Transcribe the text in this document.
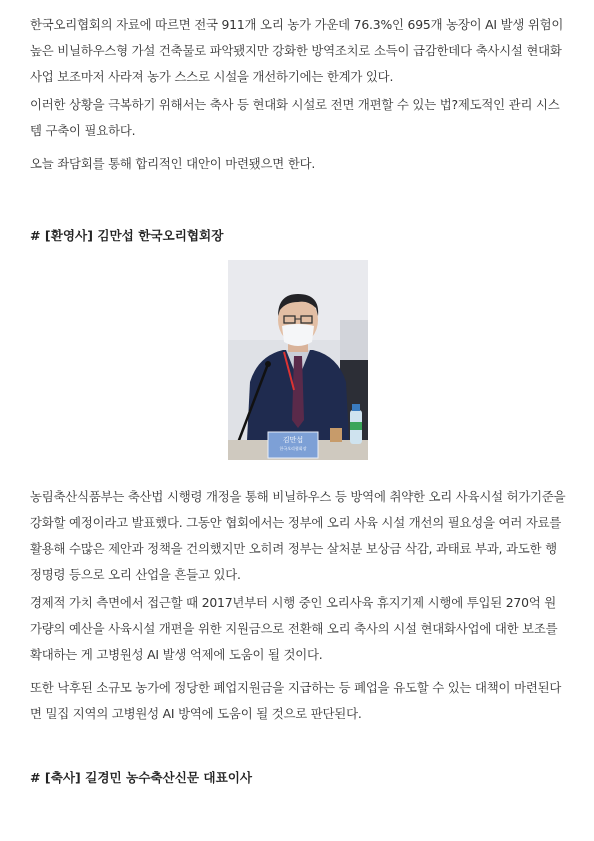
한국오리협회의 자료에 따르면 전국 911개 오리 농가 가운데 76.3%인 695개 농장이 AI 발생 위험이 높은 비닐하우스형 가설 건축물로 파악됐지만 강화한 방역조치로 소득이 급감한데다 축사시설 현대화 사업 보조마저 사라져 농가 스스로 시설을 개선하기에는 한계가 있다.

이러한 상황을 극복하기 위해서는 축사 등 현대화 시설로 전면 개편할 수 있는 법?제도적인 관리 시스템 구축이 필요하다.

오늘 좌담회를 통해 합리적인 대안이 마련됐으면 한다.

# [환영사] 김만섭 한국오리협회장
김만섭
한국오리협회장

농림축산식품부는 축산법 시행령 개정을 통해 비닐하우스 등 방역에 취약한 오리 사육시설 허가기준을 강화할 예정이라고 발표했다. 그동안 협회에서는 정부에 오리 사육 시설 개선의 필요성을 여러 자료를 활용해 수많은 제안과 정책을 건의했지만 오히려 정부는 살처분 보상금 삭감, 과태료 부과, 과도한 행정명령 등으로 오리 산업을 흔들고 있다.

경제적 가치 측면에서 접근할 때 2017년부터 시행 중인 오리사육 휴지기제 시행에 투입된 270억 원 가량의 예산을 사육시설 개편을 위한 지원금으로 전환해 오리 축사의 시설 현대화사업에 대한 보조를 확대하는 게 고병원성 AI 발생 억제에 도움이 될 것이다.

또한 낙후된 소규모 농가에 정당한 폐업지원금을 지급하는 등 폐업을 유도할 수 있는 대책이 마련된다면 밀집 지역의 고병원성 AI 방역에 도움이 될 것으로 판단된다.

# [축사] 길경민 농수축산신문 대표이사
